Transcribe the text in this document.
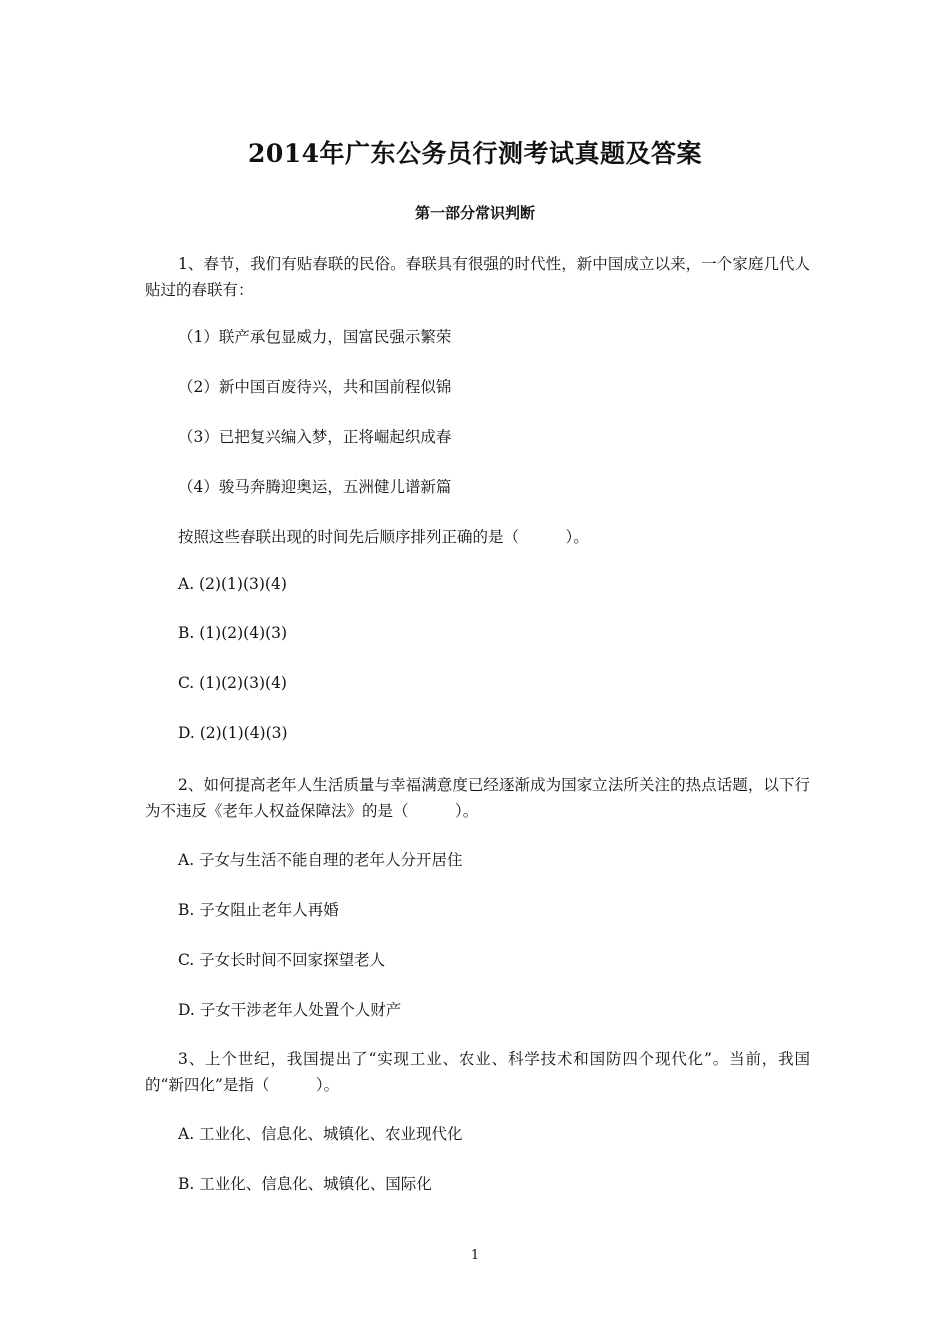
2014年广东公务员行测考试真题及答案
第一部分常识判断
1、春节，我们有贴春联的民俗。春联具有很强的时代性，新中国成立以来，一个家庭几代人贴过的春联有：
（1）联产承包显威力，国富民强示繁荣
（2）新中国百废待兴，共和国前程似锦
（3）已把复兴编入梦，正将崛起织成春
（4）骏马奔腾迎奥运，五洲健儿谱新篇
按照这些春联出现的时间先后顺序排列正确的是（　　　）。
A. (2)(1)(3)(4)
B. (1)(2)(4)(3)
C. (1)(2)(3)(4)
D. (2)(1)(4)(3)
2、如何提高老年人生活质量与幸福满意度已经逐渐成为国家立法所关注的热点话题，以下行为不违反《老年人权益保障法》的是（　　　）。
A. 子女与生活不能自理的老年人分开居住
B. 子女阻止老年人再婚
C. 子女长时间不回家探望老人
D. 子女干涉老年人处置个人财产
3、上个世纪，我国提出了“实现工业、农业、科学技术和国防四个现代化”。当前，我国的“新四化”是指（　　　）。
A. 工业化、信息化、城镇化、农业现代化
B. 工业化、信息化、城镇化、国际化
1
